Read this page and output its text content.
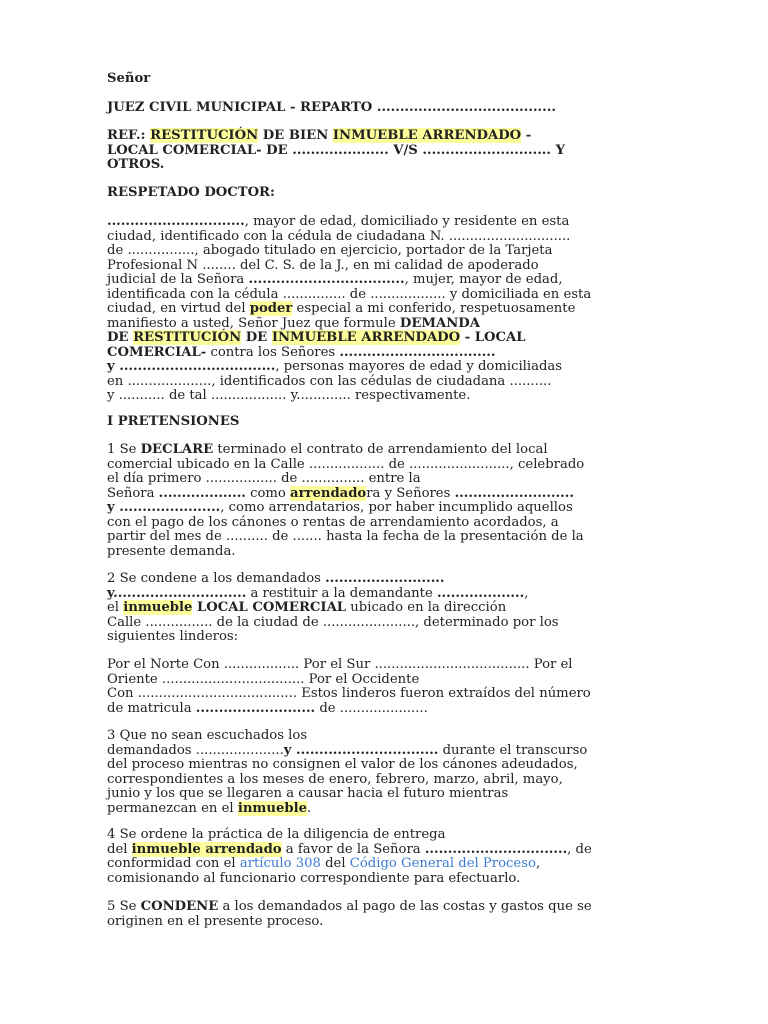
Señor

JUEZ CIVIL MUNICIPAL - REPARTO .......................................

REF.: RESTITUCIÓN DE BIEN INMUEBLE ARRENDADO -
LOCAL COMERCIAL- DE ..................... V/S ............................ Y
OTROS.

RESPETADO DOCTOR:

.............................., mayor de edad, domiciliado y residente en esta
ciudad, identificado con la cédula de ciudadana N. .............................
de ................, abogado titulado en ejercicio, portador de la Tarjeta
Profesional N ........ del C. S. de la J., en mi calidad de apoderado
judicial de la Señora .................................., mujer, mayor de edad,
identificada con la cédula ............... de .................. y domiciliada en esta
ciudad, en virtud del poder especial a mi conferido, respetuosamente
manifiesto a usted, Señor Juez que formule DEMANDA
DE RESTITUCIÓN DE INMUEBLE ARRENDADO - LOCAL
COMERCIAL- contra los Señores ..................................
y .................................., personas mayores de edad y domiciliadas
en ...................., identificados con las cédulas de ciudadana ..........
y ........... de tal .................. y............. respectivamente.

I PRETENSIONES

1 Se DECLARE terminado el contrato de arrendamiento del local
comercial ubicado en la Calle .................. de ........................, celebrado
el día primero ................. de ............... entre la
Señora ................... como arrendadora y Señores ..........................
y ......................, como arrendatarios, por haber incumplido aquellos
con el pago de los cánones o rentas de arrendamiento acordados, a
partir del mes de .......... de ....... hasta la fecha de la presentación de la
presente demanda.

2 Se condene a los demandados ..........................
y............................. a restituir a la demandante ...................,
el inmueble LOCAL COMERCIAL ubicado en la dirección
Calle ................ de la ciudad de ......................, determinado por los
siguientes linderos:

Por el Norte Con .................. Por el Sur ..................................... Por el
Oriente .................................. Por el Occidente
Con ...................................... Estos linderos fueron extraídos del número
de matricula .......................... de .....................

3 Que no sean escuchados los
demandados .....................y ............................... durante el transcurso
del proceso mientras no consignen el valor de los cánones adeudados,
correspondientes a los meses de enero, febrero, marzo, abril, mayo,
junio y los que se llegaren a causar hacia el futuro mientras
permanezcan en el inmueble.

4 Se ordene la práctica de la diligencia de entrega
del inmueble arrendado a favor de la Señora ..............................., de
conformidad con el artículo 308 del Código General del Proceso,
comisionando al funcionario correspondiente para efectuarlo.

5 Se CONDENE a los demandados al pago de las costas y gastos que se
originen en el presente proceso.
